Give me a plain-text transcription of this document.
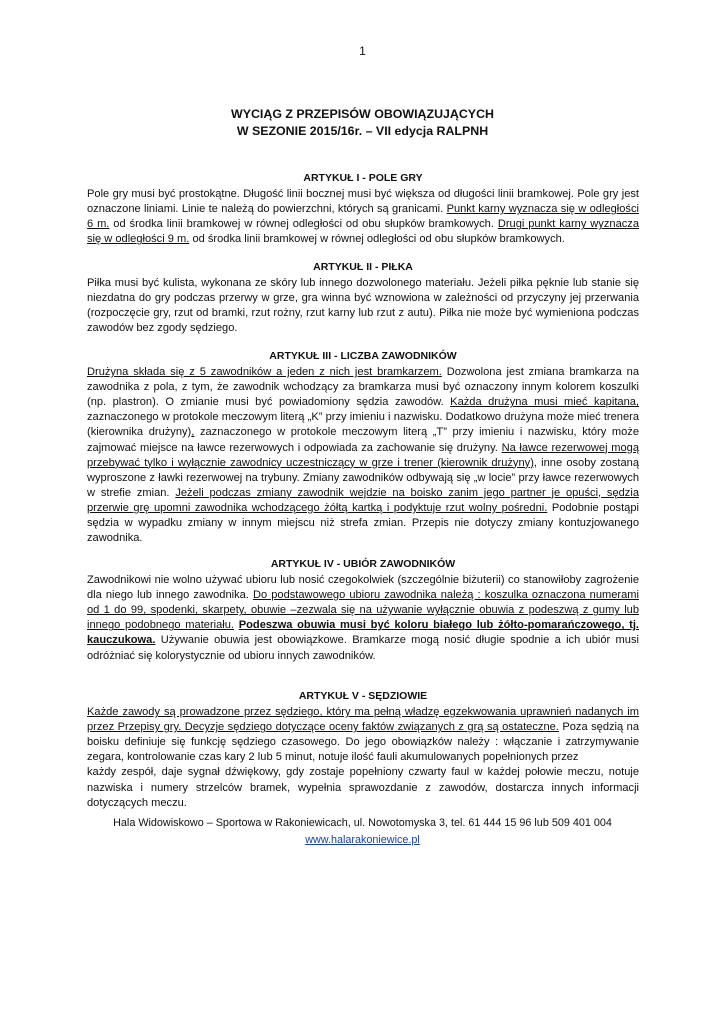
1
WYCIĄG Z PRZEPISÓW OBOWIĄZUJĄCYCH
W SEZONIE 2015/16r. – VII edycja RALPNH
ARTYKUŁ I - POLE GRY

Pole gry musi być prostokątne. Długość linii bocznej musi być większa od długości linii bramkowej. Pole gry jest oznaczone liniami. Linie te należą do powierzchni, których są granicami. Punkt karny wyznacza się w odległości 6 m. od środka linii bramkowej w równej odległości od obu słupków bramkowych. Drugi punkt karny wyznacza się w odległości 9 m. od środka linii bramkowej w równej odległości od obu słupków bramkowych.

ARTYKUŁ II - PIŁKA

Piłka musi być kulista, wykonana ze skóry lub innego dozwolonego materiału. Jeżeli piłka pęknie lub stanie się niezdatna do gry podczas przerwy w grze, gra winna być wznowiona w zależności od przyczyny jej przerwania (rozpoczęcie gry, rzut od bramki, rzut rożny, rzut karny lub rzut z autu). Piłka nie może być wymieniona podczas zawodów bez zgody sędziego.

ARTYKUŁ III - LICZBA ZAWODNIKÓW

Drużyna składa się z 5 zawodników a jeden z nich jest bramkarzem. Dozwolona jest zmiana bramkarza na zawodnika z pola, z tym, że zawodnik wchodzący za bramkarza musi być oznaczony innym kolorem koszulki (np. plastron). O zmianie musi być powiadomiony sędzia zawodów. Każda drużyna musi mieć kapitana, zaznaczonego w protokole meczowym literą „K” przy imieniu i nazwisku. Dodatkowo drużyna może mieć trenera (kierownika drużyny), zaznaczonego w protokole meczowym literą „T” przy imieniu i nazwisku, który może zajmować miejsce na ławce rezerwowych i odpowiada za zachowanie się drużyny. Na ławce rezerwowej mogą przebywać tylko i wyłącznie zawodnicy uczestniczący w grze i trener (kierownik drużyny), inne osoby zostaną wyproszone z ławki rezerwowej na trybuny. Zmiany zawodników odbywają się „w locie” przy ławce rezerwowych w strefie zmian. Jeżeli podczas zmiany zawodnik wejdzie na boisko zanim jego partner je opuści, sędzia przerwie grę upomni zawodnika wchodzącego żółtą kartką i podyktuje rzut wolny pośredni. Podobnie postąpi sędzia w wypadku zmiany w innym miejscu niż strefa zmian. Przepis nie dotyczy zmiany kontuzjowanego zawodnika.

ARTYKUŁ IV - UBIÓR ZAWODNIKÓW

Zawodnikowi nie wolno używać ubioru lub nosić czegokolwiek (szczególnie biżuterii) co stanowiłoby zagrożenie dla niego lub innego zawodnika. Do podstawowego ubioru zawodnika należą : koszulka oznaczona numerami od 1 do 99, spodenki, skarpety, obuwie –zezwala się na używanie wyłącznie obuwia z podeszwą z gumy lub innego podobnego materiału. Podeszwa obuwia musi być koloru białego lub żółto-pomarańczowego, tj. kauczukowa. Używanie obuwia jest obowiązkowe. Bramkarze mogą nosić długie spodnie a ich ubiór musi odróżniać się kolorystycznie od ubioru innych zawodników.

ARTYKUŁ V - SĘDZIOWIE

Każde zawody są prowadzone przez sędziego, który ma pełną władzę egzekwowania uprawnień nadanych im przez Przepisy gry. Decyzje sędziego dotyczące oceny faktów związanych z grą są ostateczne. Poza sędzią na boisku definiuje się funkcję sędziego czasowego. Do jego obowiązków należy : włączanie i zatrzymywanie zegara, kontrolowanie czas kary 2 lub 5 minut, notuje ilość fauli akumulowanych popełnionych przez

każdy zespół, daje sygnał dźwiękowy, gdy zostaje popełniony czwarty faul w każdej połowie meczu, notuje nazwiska i numery strzelców bramek, wypełnia sprawozdanie z zawodów, dostarcza innych informacji dotyczących meczu.

Hala Widowiskowo – Sportowa w Rakoniewicach, ul. Nowotomyska 3, tel. 61 444 15 96 lub 509 401 004
www.halarakoniewice.pl
